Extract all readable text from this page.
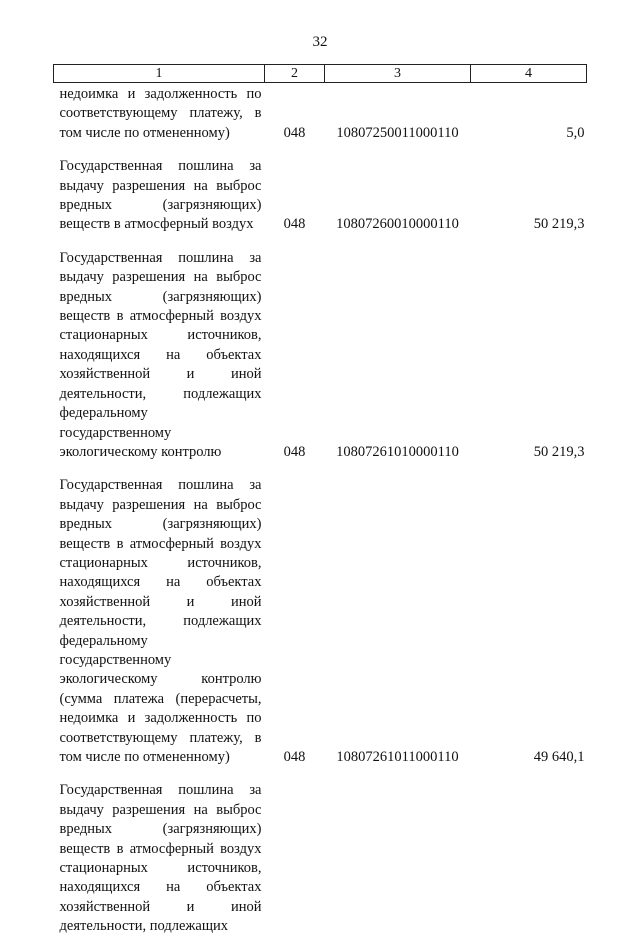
32
1	2	3	4
недоимка и задолженность по соответствующему платежу, в том числе по отмененному)	048	10807250011000110	5,0
Государственная пошлина за выдачу разрешения на выброс вредных (загрязняющих) веществ в атмосферный воздух	048	10807260010000110	50 219,3
Государственная пошлина за выдачу разрешения на выброс вредных (загрязняющих) веществ в атмосферный воздух стационарных источников, находящихся на объектах хозяйственной и иной деятельности, подлежащих федеральному государственному экологическому контролю	048	10807261010000110	50 219,3
Государственная пошлина за выдачу разрешения на выброс вредных (загрязняющих) веществ в атмосферный воздух стационарных источников, находящихся на объектах хозяйственной и иной деятельности, подлежащих федеральному государственному экологическому контролю (сумма платежа (перерасчеты, недоимка и задолженность по соответствующему платежу, в том числе по отмененному)	048	10807261011000110	49 640,1
Государственная пошлина за выдачу разрешения на выброс вредных (загрязняющих) веществ в атмосферный воздух стационарных источников, находящихся на объектах хозяйственной и иной деятельности, подлежащих			
